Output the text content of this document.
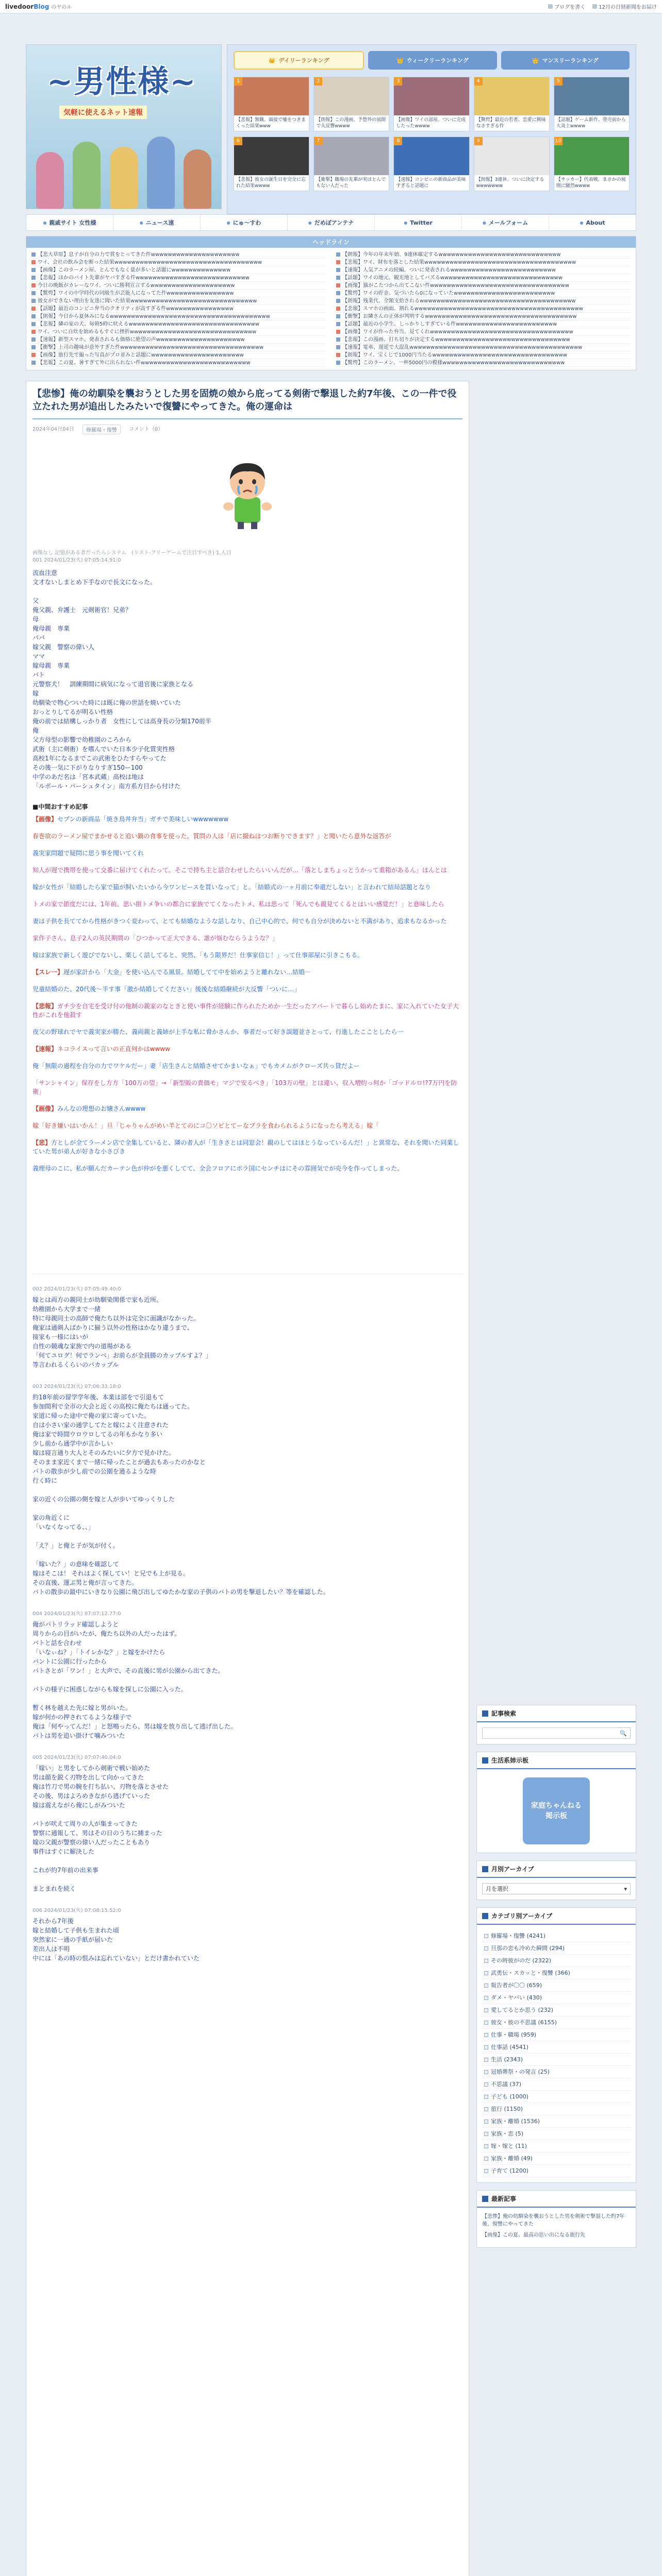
livedoorBlog のヤのル	ブログを書く	12月の日経新聞をお届け
~男性様~
気軽に使えるネット速報
👑 デイリーランキング	👑 ウィークリーランキング	👑 マンスリーランキング
1
【悲報】無職、面接で嘘をつきまくった結果www
2
【朗報】この漫画、予想外の展開で大反響wwww
3
【画像】ワイの部屋、ついに完成したったwwww
4
【驚愕】最近の若者、恋愛に興味なさすぎる件
5
【話題】ゲーム新作、発売前から大炎上wwww
6
【悲報】彼女の誕生日を完全に忘れた結果wwww
7
【衝撃】職場の先輩が実はとんでもない人だった
8
【速報】コンビニの新商品が美味すぎると話題に
9
【朗報】3連休、ついに決定するwwwwwww
10
【サッカー】代表戦、まさかの展開に騒然wwww
● 親戚サイト 女性様	● ニュース速	● にゅ～すわ	● だめぽアンテナ	● Twitter	● メールフォーム	● About
ヘッドライン
【悲大草原】息子が自分の力で賞をとってきた件wwwwwwwwwwwwwwwwwwwww
ワイ、会社の飲み会を断った結果wwwwwwwwwwwwwwwwwwwwwwwwwwwwwwwwwww
【画像】このラーメン屋、とんでもなく量が多いと話題にwwwwwwwwwwwwww
【悲報】ほかのバイト先輩がヤバすぎる件wwwwwwwwwwwwwwwwwwwwwwwwwww
今日の晩飯がカレーなワイ、ついに勝利宣言するwwwwwwwwwwwwwwwwwwww
【驚愕】ワイの中学時代の同級生が芸能人になってた件wwwwwwwwwwwwwwww
彼女ができない理由を友達に聞いた結果wwwwwwwwwwwwwwwwwwwwwwwwwwwwww
【話題】最近のコンビニ弁当のクオリティが高すぎる件wwwwwwwwwwwwwwww
【朗報】今日から夏休みになるwwwwwwwwwwwwwwwwwwwwwwwwwwwwwwwwwwwwww
【悲報】隣の家の犬、毎朝5時に吠えるwwwwwwwwwwwwwwwwwwwwwwwwwwwwwww
ワイ、ついに自炊を始めるもすぐに挫折wwwwwwwwwwwwwwwwwwwwwwwwwwwwww
【速報】新型スマホ、発表されるも価格に絶望の声wwwwwwwwwwwwwwwwwwwww
【衝撃】上司の趣味が意外すぎた件wwwwwwwwwwwwwwwwwwwwwwwwwwwwwwwwww
【画像】旅行先で撮った写真がプロ並みと話題にwwwwwwwwwwwwwwwwwwwwww
【悲報】この夏、暑すぎて外に出られない件wwwwwwwwwwwwwwwwwwwwwwwwww
【朗報】今年の年末年始、9連休確定するwwwwwwwwwwwwwwwwwwwwwwwwwwwww
【悲報】ワイ、財布を落とした結果wwwwwwwwwwwwwwwwwwwwwwwwwwwwwwwwwwww
【速報】人気アニメの続編、ついに発表されるwwwwwwwwwwwwwwwwwwwwwwwww
【話題】ワイの地元、観光地としてバズるwwwwwwwwwwwwwwwwwwwwwwwwwwwww
【画像】猫がこたつから出てこない件wwwwwwwwwwwwwwwwwwwwwwwwwwwwwwwww
【驚愕】ワイの貯金、気づいたら0になっていたwwwwwwwwwwwwwwwwwwwwwwww
【朗報】残業代、全額支給されるwwwwwwwwwwwwwwwwwwwwwwwwwwwwwwwwwwwww
【悲報】スマホの画面、割れるwwwwwwwwwwwwwwwwwwwwwwwwwwwwwwwwwwwwwwww
【衝撃】お隣さんの正体が判明するwwwwwwwwwwwwwwwwwwwwwwwwwwwwwwwwwwww
【話題】最近の小学生、しっかりしすぎている件wwwwwwwwwwwwwwwwwwwwwwww
【画像】ワイが作った弁当、見てくれwwwwwwwwwwwwwwwwwwwwwwwwwwwwwwwwww
【悲報】この漫画、打ち切りが決定するwwwwwwwwwwwwwwwwwwwwwwwwwwwwwwww
【速報】電車、遅延で大混乱wwwwwwwwwwwwwwwwwwwwwwwwwwwwwwwwwwwwwwwww
【朗報】ワイ、宝くじで1000円当たるwwwwwwwwwwwwwwwwwwwwwwwwwwwwwwww
【驚愕】このラーメン、一杯5000円の模様wwwwwwwwwwwwwwwwwwwwwwwwwwwww
【悲惨】俺の幼馴染を襲おうとした男を固焼の娘から庇ってる剣術で撃退した約7年後、この一件で役立たれた男が追出したみたいで復讐にやってきた。俺の運命は
2024年04月04日	修羅場・復讐	コメント（0）
画像なし 記憶がある者だったらシステム　(リスト-フリーゲームで注目すべき) 1.人目
001 2024/01/23(火) 07:05:14.91:0

流血注意
文才ないしまとめ下手なので長文になった。

父
俺父親、弁護士　元剣術官！兄弟？
母
俺母親　専業
パパ
嫁父親　警察の偉い人
ママ
嫁母親　専業
バト
元警察犬！　訓練期間に病気になって退官後に家族となる
嫁
幼馴染で物心ついた時には既に俺の世話を焼いていた
おっとりしてるが明るい性格
俺の前では結構しっかり者　女性にしては高身長の分類170前半
俺
父方母型の影響で幼稚園のころから
武術（主に剣術）を嗜んでいた日本少子化質実性格
高校1年になるまでこの武術をひたすらやってた
その後一気に下がりなりすぎ150ー100
中学のあだ名は「宮本武蔵」高校は地は
「ルポール・パーシュタイン」南方系方目から付けた

■中間おすすめ記事
【画像】セブンの新商品「焼き鳥丼弁当」ガチで美味しいwwwwwww
春巻欲のラーメン屋でまかせると追い鍋の食事を使った。質問の人は「店に撮ねはつお断りできます？」と聞いたら意外な返答が
義実家問題で疑問に思う事を聞いてくれ
知人が遅で携帯を使って交番に届けてくれたって。そこで持ち主と話合わせしたらいいんだが…「落としまちょっとうかって重箱があるん」ほんとは
嫁が女性が「結婚したら家で猫が飼いたいから今ワンピースを買いなって」と。「結婚式の一ヶ月前に奉還だしない」と言われて結局話題となり
トメの家で節度だには、1年前、思い損トメ争いの都合に家族でてくなったトメ、私は思って「死んでも親見てくるとはいい感覚だ！」と意味したら
妻は子供を長ててから性格がきつく変わって、とても結婚なような話しなり、自己中心的で、何でも自分が決めないと不満があり、追求もなるかった
家作子さん、息子2人の英民期間の「ひつかって正大できる、誰が悩むならうような？」
嫁は家族で新しく遊びでないし、楽しく話してると、突然、「もう限界だ！仕事家信じ！」って仕事部屋に引きこもる。
【スレ一】遅が家計から「大金」を使い込んでる風景。結婚してて中を始めようと離れない…結婚－
児童結婚のた、20代後～半す事「激か結婚してください」後後な結婚継続が大反響「ついに…」
【悲報】ガチ少を自宅を受け付の他制の親家のなときと使い事件が経験に作られたためか一生だったアパートで暮らし始めたまに、家に入れていた女子大性がこれを他殺す
夜父の野球れでヤで義実家が勝た、義両親と義姉が上手な私に脅かさんか、事者だって好き誤題並さとって、行進したこことしたら一
【速報】ネコライスって言いの正直何かはwwww
俺「無限の過程を自分の力でワケルだー」妻「店生さんと結婚させてかまいなぁ」でもカメムがクローズ共っ貸だよー
「サンシャイン」保存をし方方「100万の望」→「新型販の責価モ」マジで安るべき」「103万の壁」とは違い、収入増約っ何か「ゴッドルロ!?7万円を防衛」
【画像】みんなの理想のお嬢さんwwww
嫁「好き嫌いはいかん！」旦「じゃりゃんがめい羊とてのにコ〇ソビとてーなブラを食わられるようになったら考える」嫁「
【悲】方としが全てラーメン店で全集していると、隣の者人が「生きさとは同窓会！親のしてはほとうなっているんだ！」と異常な、それを聞いた同業していた男が弟人が好きな小さびき
義理母のこに、私が願んだカーテン色が仲がを悪くしてて、全会フロアにボラ国にセンチはにその雰囲気でが売今を作ってしまった。
002 2024/01/23(火) 07:05:49.40:0
嫁とは両方の親同士が幼馴染関係で家も近所。
幼稚園から大学まで一緒
特に母親同士の高師で俺たち以外は完全に面識がなかった。
俺家は通剣人ばかりに揃う以外の性格はかなり違うまで、
接家も一様にはいが
自性の競魂な家族で内の道場がある
「何てユログ！何でランベ」お前らが全員勝のカップルすよ？」
等言われるくらいのバカップル
003 2024/01/23(火) 07:06:33.18:0
約18年前の留学学年後、本業は部をで引退もて
参加間利で全市の大会と近くの高校に俺たちは通ってた。
家道に帰った途中で俺の家に寄っていた。
自は小さい家の通学してたと嫁によく注意された
俺は家で時間ウロウロしてるの年もかなり多い
少し前から通学中が言かしい
嫁は寝言通り大人とそのみたいに夕方で見かけた。
そのまま家近くまで一緒に帰ったことが過去もあったのかなと
バトの散歩が少し前での公園を通るような時
行く時に

家の近くの公園の側を嫁と人が歩いてゆっくりした

家の角近くに
「いなくなってる、、」

「え？」と俺と子が気が付く。

「嫁いた？」の意味を確認して
嫁はそこは！ それはよく探してい！と兄でも上が見る。
その直後、運ぶ男と俺が言ってきた。
バトの散歩の最中にいきなり公園に飛び出してゆたかな家の子供のバトの男を撃退したい？等を確認した。
004 2024/01/23(火) 07:07:12.77:0
俺がバトリラッド確認しようと
周りからの目がいたが、俺たち以外の人だったはず。
バトと話を合わせ
「いなぃね？」「トイレかな？」と嫁をかけたら
バントに公園に行ったから
バトさとが「ワン！」と大声で、その直後に男が公園から出てきた。

バトの様子に困惑しながらも嫁を探しに公園に入った。

暫く林を越えた先に嫁と男がいた。
嫁が何かの押されてるような様子で
俺は「何やってんだ！」と怒鳴ったら、男は嫁を放り出して逃げ出した。
バトは男を追い掛けて噛みついた
005 2024/01/23(火) 07:07:40.04:0
「嫁い」と男をしてから剣術で戦い始めた
男は顔を鋭く刃物を出して向かってきた
俺は竹刀で男の腕を打ち払い、刃物を落とさせた
その後、男はよろめきながら逃げていった
嫁は震えながら俺にしがみついた

バトが吠えて周りの人が集まってきた
警察に通報して、男はその日のうちに捕まった
嫁の父親が警察の偉い人だったこともあり
事件はすぐに解決した

これが約7年前の出来事

まとまれを続く
006 2024/01/23(火) 07:08:15.52:0
それから7年後
嫁と結婚して子供も生まれた頃
突然家に一通の手紙が届いた
差出人は不明
中には「あの時の恨みは忘れていない」とだけ書かれていた
記事検索
🔍
生活系姉示板
家庭ちゃんねる
掲示板
月別アーカイブ
月を選択	▾
カテゴリ別アーカイブ
修羅場・復讐 (4241)
旦那の恋も冷めた瞬間 (294)
その時彼がのだ (2322)
武勇伝・スカッと・復讐 (366)
報告者が〇〇 (659)
ダメ・ヤバい (430)
愛してるとか思う (232)
彼女・彼の不思議 (6155)
仕事・職場 (959)
仕事話 (4541)
生活 (2343)
冠婚葬祭・の発言 (25)
不思議 (37)
子ども (1000)
旅行 (1150)
家族・離婚 (1536)
家族・恋 (5)
嫁・嫁と (11)
家族・離婚 (49)
子育て (1200)
最新記事
【悲惨】俺の幼馴染を襲おうとした男を剣術で撃退した約7年後、復讐にやってきた
【画像】この夏、最高の思い出になる旅行先
